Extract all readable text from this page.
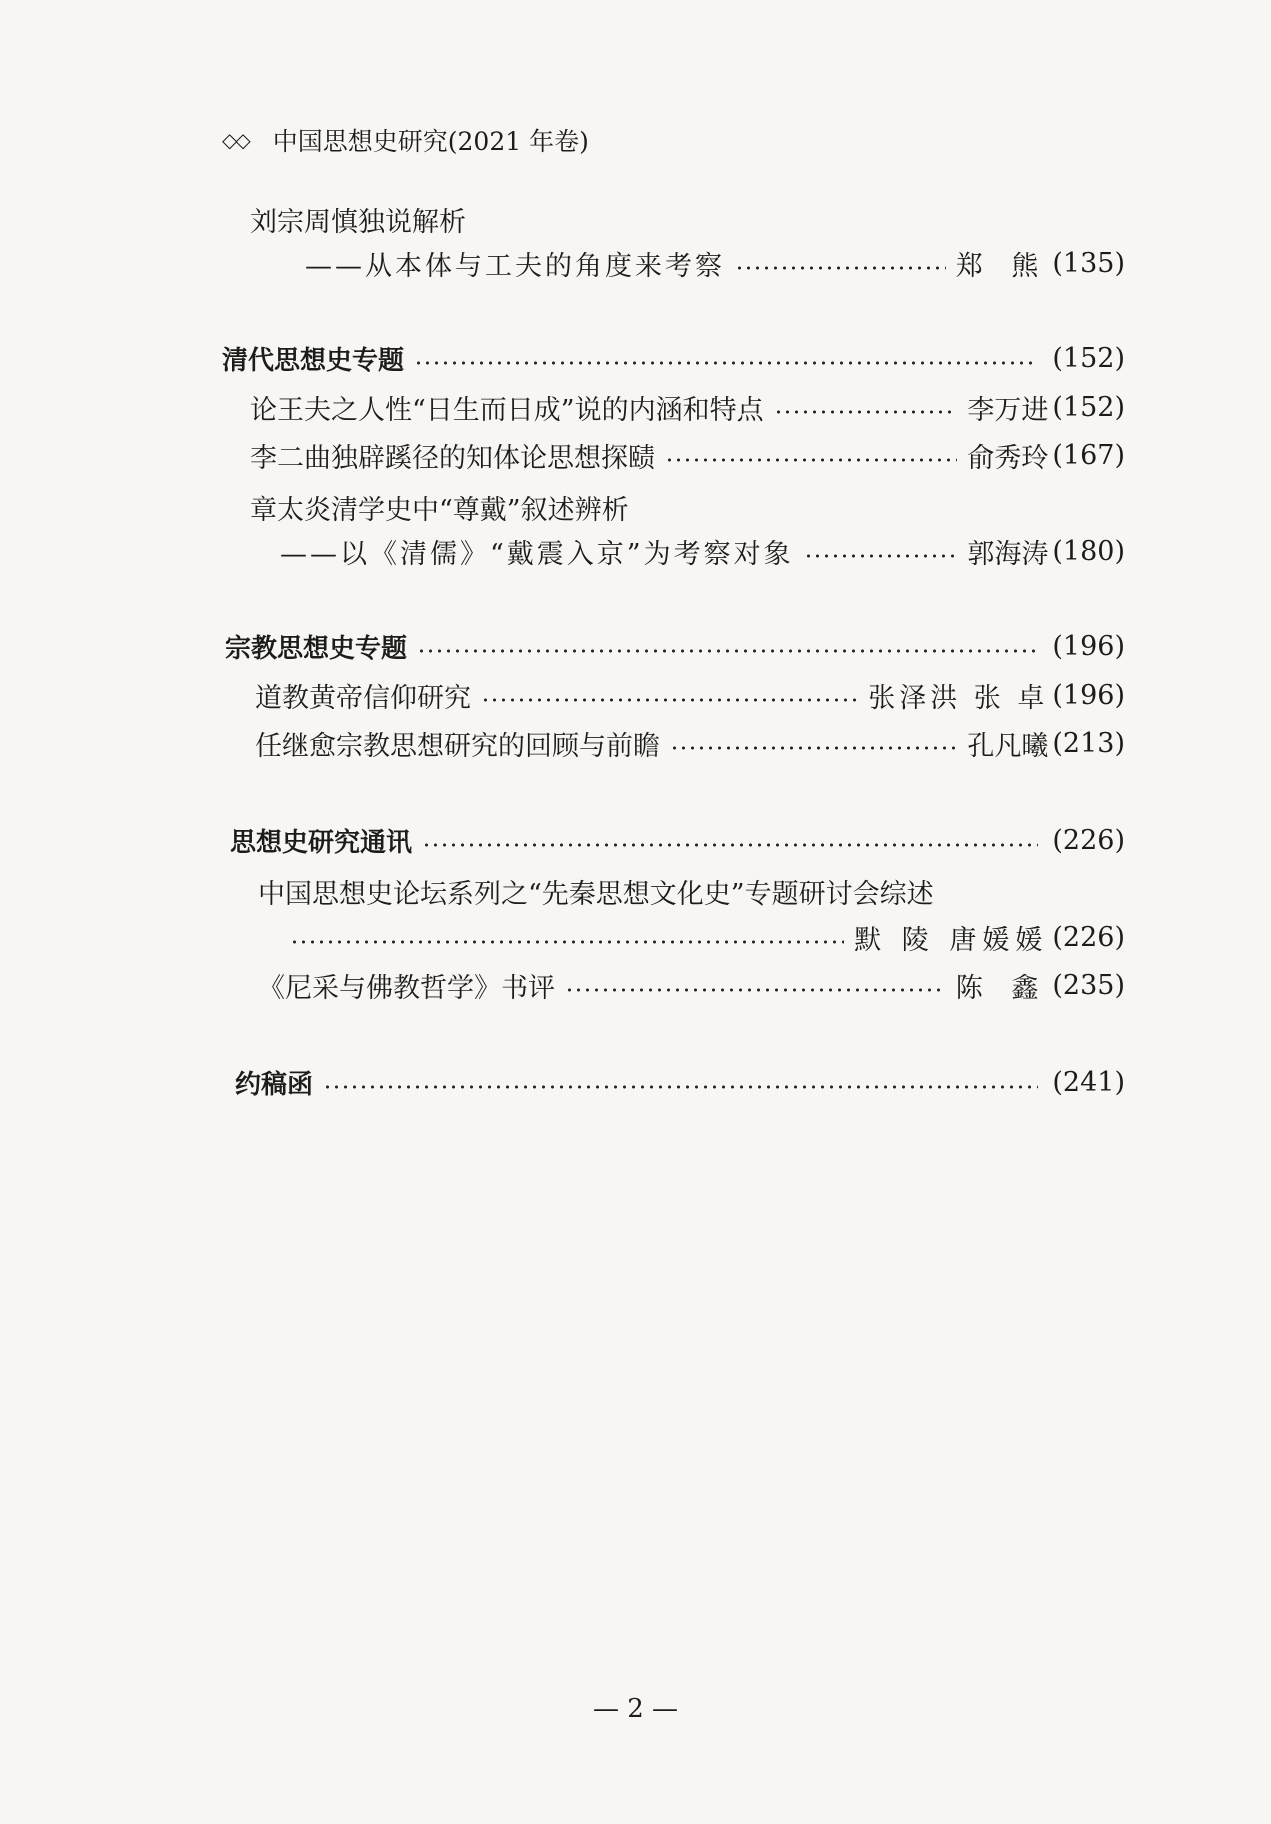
◇◇ 中国思想史研究(2021 年卷)
刘宗周慎独说解析
——从本体与工夫的角度来考察	郑 熊 (135)
清代思想史专题	(152)
论王夫之人性“日生而日成”说的内涵和特点	李万进 (152)
李二曲独辟蹊径的知体论思想探赜	俞秀玲 (167)
章太炎清学史中“尊戴”叙述辨析
——以《清儒》“戴震入京”为考察对象	郭海涛 (180)
宗教思想史专题	(196)
道教黄帝信仰研究	张泽洪 张 卓 (196)
任继愈宗教思想研究的回顾与前瞻	孔凡曦 (213)
思想史研究通讯	(226)
中国思想史论坛系列之“先秦思想文化史”专题研讨会综述
默 陵 唐媛媛 (226)
《尼采与佛教哲学》书评	陈 鑫 (235)
约稿函	(241)
— 2 —
